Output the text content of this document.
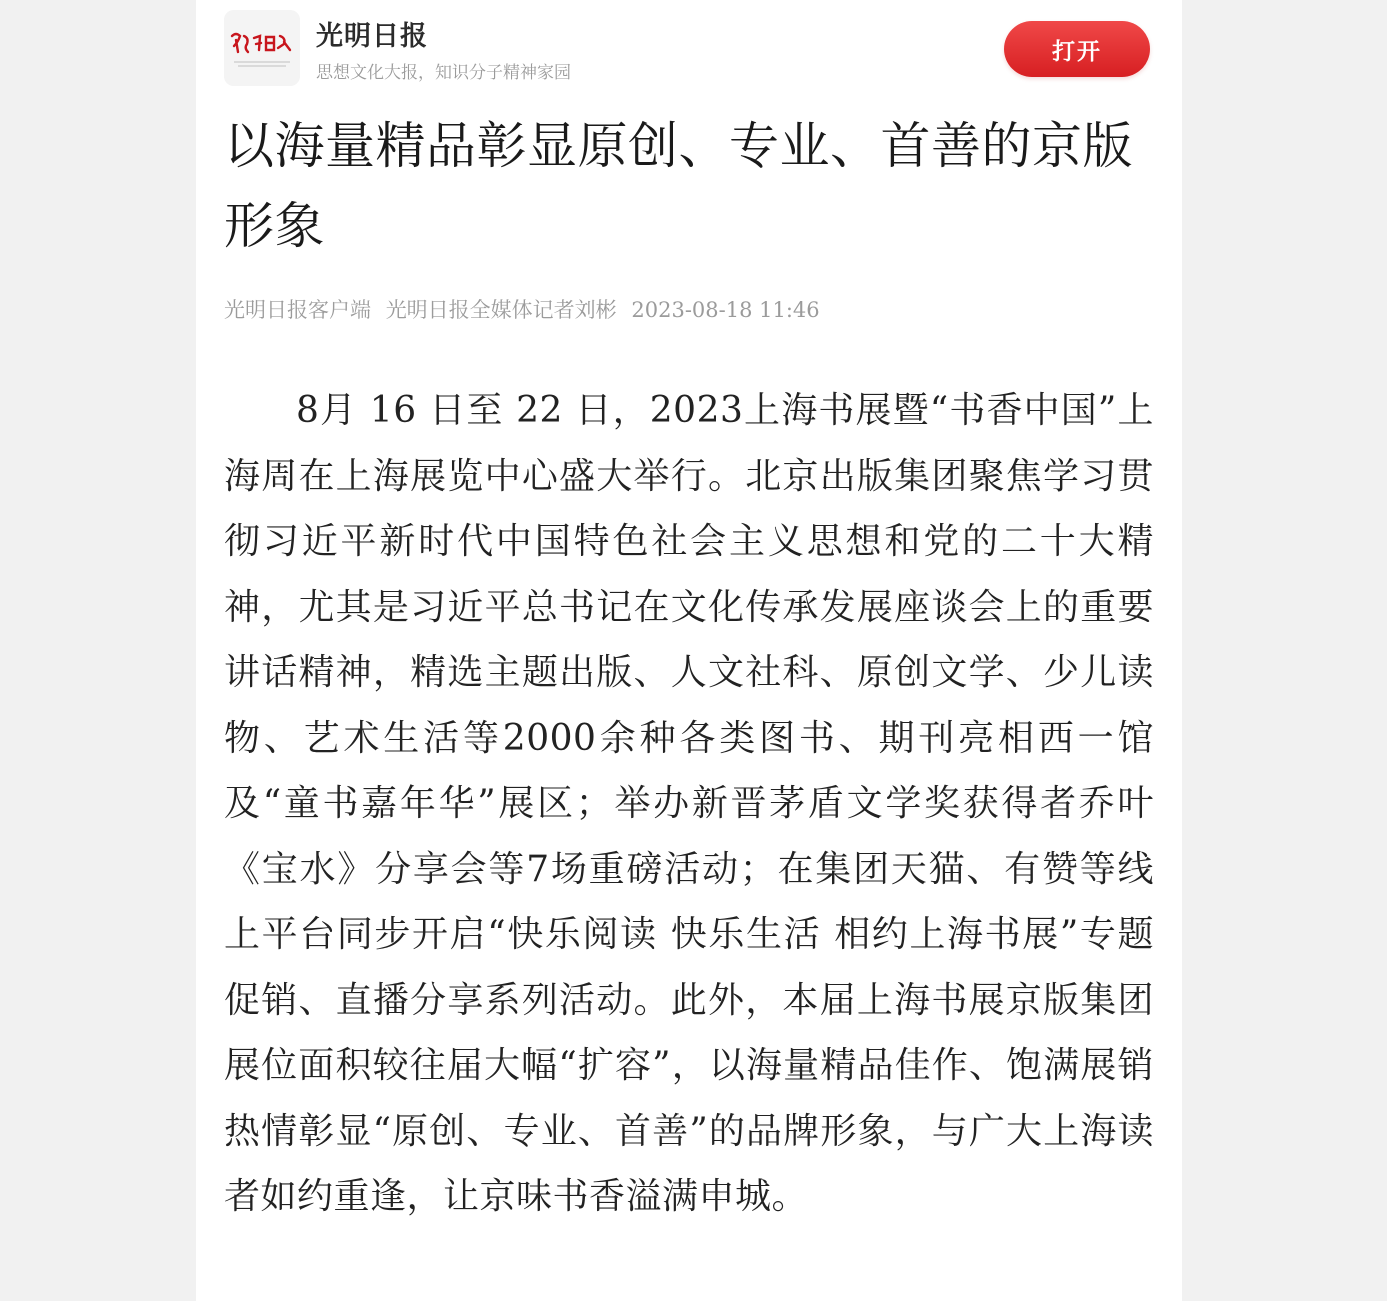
光明日报
思想文化大报，知识分子精神家园
打开
以海量精品彰显原创、专业、首善的京版形象
光明日报客户端 光明日报全媒体记者刘彬 2023-08-18 11:46

8月 16 日至 22 日，2023上海书展暨“书香中国”上海周在上海展览中心盛大举行。北京出版集团聚焦学习贯彻习近平新时代中国特色社会主义思想和党的二十大精神，尤其是习近平总书记在文化传承发展座谈会上的重要讲话精神，精选主题出版、人文社科、原创文学、少儿读物、艺术生活等2000余种各类图书、期刊亮相西一馆及“童书嘉年华”展区；举办新晋茅盾文学奖获得者乔叶《宝水》分享会等7场重磅活动；在集团天猫、有赞等线上平台同步开启“快乐阅读 快乐生活 相约上海书展”专题促销、直播分享系列活动。此外，本届上海书展京版集团展位面积较往届大幅“扩容”，以海量精品佳作、饱满展销热情彰显“原创、专业、首善”的品牌形象，与广大上海读者如约重逢，让京味书香溢满申城。
